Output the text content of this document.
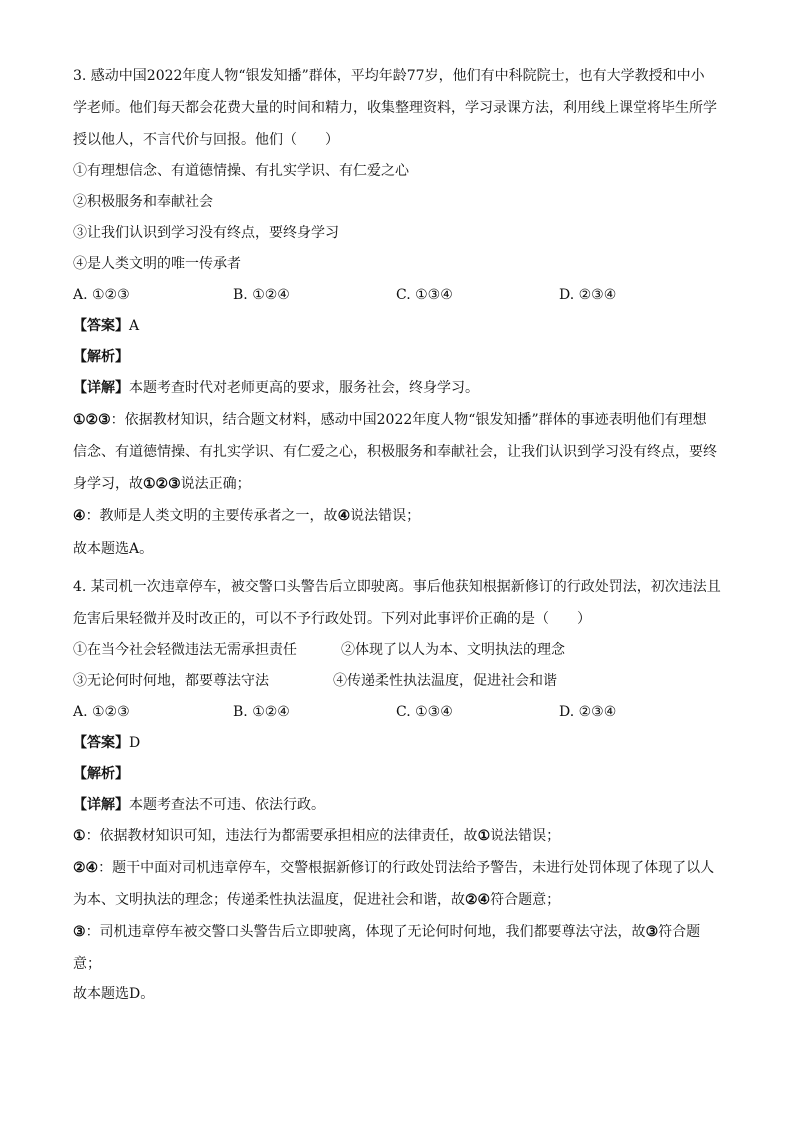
3. 感动中国2022年度人物“银发知播”群体，平均年龄77岁，他们有中科院院士，也有大学教授和中小
学老师。他们每天都会花费大量的时间和精力，收集整理资料，学习录课方法，利用线上课堂将毕生所学
授以他人，不言代价与回报。他们（　　）
①有理想信念、有道德情操、有扎实学识、有仁爱之心
②积极服务和奉献社会
③让我们认识到学习没有终点，要终身学习
④是人类文明的唯一传承者
A. ①②③	B. ①②④	C. ①③④	D. ②③④
【答案】A
【解析】
【详解】本题考查时代对老师更高的要求，服务社会，终身学习。
①②③：依据教材知识，结合题文材料，感动中国2022年度人物“银发知播”群体的事迹表明他们有理想
信念、有道德情操、有扎实学识、有仁爱之心，积极服务和奉献社会，让我们认识到学习没有终点，要终
身学习，故①②③说法正确；
④：教师是人类文明的主要传承者之一，故④说法错误；
故本题选A。
4. 某司机一次违章停车，被交警口头警告后立即驶离。事后他获知根据新修订的行政处罚法，初次违法且
危害后果轻微并及时改正的，可以不予行政处罚。下列对此事评价正确的是（　　）
①在当今社会轻微违法无需承担责任	②体现了以人为本、文明执法的理念
③无论何时何地，都要尊法守法	④传递柔性执法温度，促进社会和谐
A. ①②③	B. ①②④	C. ①③④	D. ②③④
【答案】D
【解析】
【详解】本题考查法不可违、依法行政。
①：依据教材知识可知，违法行为都需要承担相应的法律责任，故①说法错误；
②④：题干中面对司机违章停车，交警根据新修订的行政处罚法给予警告，未进行处罚体现了体现了以人
为本、文明执法的理念；传递柔性执法温度，促进社会和谐，故②④符合题意；
③：司机违章停车被交警口头警告后立即驶离，体现了无论何时何地，我们都要尊法守法，故③符合题
意；
故本题选D。
